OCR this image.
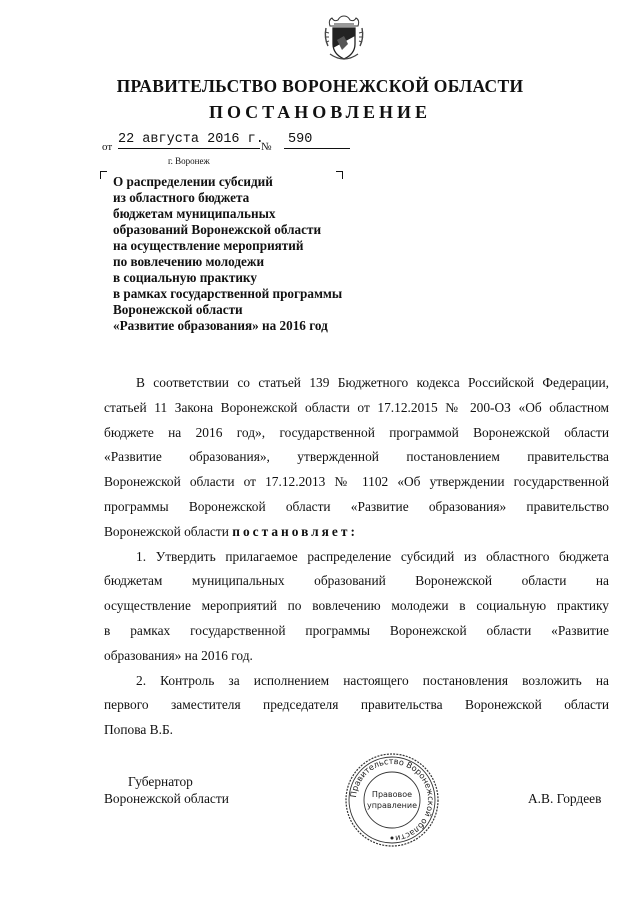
ПРАВИТЕЛЬСТВО ВОРОНЕЖСКОЙ ОБЛАСТИ
ПОСТАНОВЛЕНИЕ
от 22 августа 2016 г.
№ 590
г. Воронеж
О распределении субсидий
из областного бюджета
бюджетам муниципальных
образований Воронежской области
на осуществление мероприятий
по вовлечению молодежи
в социальную практику
в рамках государственной программы
Воронежской области
«Развитие образования» на 2016 год
В соответствии со статьей 139 Бюджетного кодекса Российской Федерации,
статьей 11 Закона Воронежской области от 17.12.2015 № 200-ОЗ «Об областном
бюджете на 2016 год», государственной программой Воронежской области
«Развитие образования», утвержденной постановлением правительства
Воронежской области от 17.12.2013 № 1102 «Об утверждении государственной
программы Воронежской области «Развитие образования» правительство
Воронежской области постановляет:
1. Утвердить прилагаемое распределение субсидий из областного бюджета
бюджетам муниципальных образований Воронежской области на
осуществление мероприятий по вовлечению молодежи в социальную практику
в рамках государственной программы Воронежской области «Развитие
образования» на 2016 год.
2. Контроль за исполнением настоящего постановления возложить на
первого заместителя председателя правительства Воронежской области
Попова В.Б.
Губернатор
Воронежской области	А.В. Гордеев
Правительство Воронежской области
Правовое
управление
